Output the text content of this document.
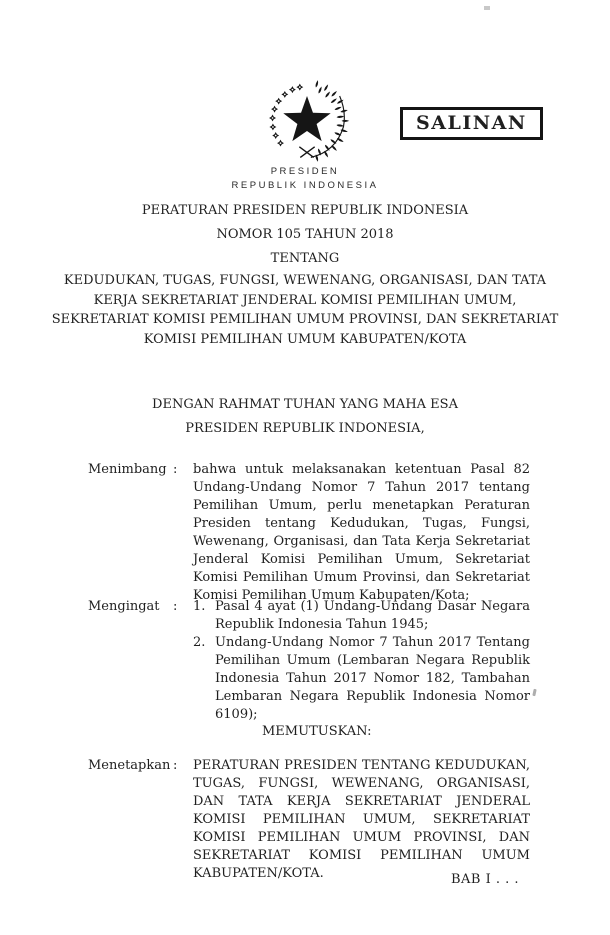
SALINAN
PRESIDEN
REPUBLIK INDONESIA
PERATURAN PRESIDEN REPUBLIK INDONESIA
NOMOR 105 TAHUN 2018
TENTANG
KEDUDUKAN, TUGAS, FUNGSI, WEWENANG, ORGANISASI, DAN TATA
KERJA SEKRETARIAT JENDERAL KOMISI PEMILIHAN UMUM,
SEKRETARIAT KOMISI PEMILIHAN UMUM PROVINSI, DAN SEKRETARIAT
KOMISI PEMILIHAN UMUM KABUPATEN/KOTA
DENGAN RAHMAT TUHAN YANG MAHA ESA
PRESIDEN REPUBLIK INDONESIA,
Menimbang :	bahwa untuk melaksanakan ketentuan Pasal 82 Undang-Undang Nomor 7 Tahun 2017 tentang Pemilihan Umum, perlu menetapkan Peraturan Presiden tentang Kedudukan, Tugas, Fungsi, Wewenang, Organisasi, dan Tata Kerja Sekretariat Jenderal Komisi Pemilihan Umum, Sekretariat Komisi Pemilihan Umum Provinsi, dan Sekretariat Komisi Pemilihan Umum Kabupaten/Kota;
Mengingat	:	1. Pasal 4 ayat (1) Undang-Undang Dasar Negara Republik Indonesia Tahun 1945;
2. Undang-Undang Nomor 7 Tahun 2017 Tentang Pemilihan Umum (Lembaran Negara Republik Indonesia Tahun 2017 Nomor 182, Tambahan Lembaran Negara Republik Indonesia Nomor 6109);
MEMUTUSKAN:
Menetapkan :	PERATURAN PRESIDEN TENTANG KEDUDUKAN, TUGAS, FUNGSI, WEWENANG, ORGANISASI, DAN TATA KERJA SEKRETARIAT JENDERAL KOMISI PEMILIHAN UMUM, SEKRETARIAT KOMISI PEMILIHAN UMUM PROVINSI, DAN SEKRETARIAT KOMISI PEMILIHAN UMUM KABUPATEN/KOTA.	BAB I . . .
